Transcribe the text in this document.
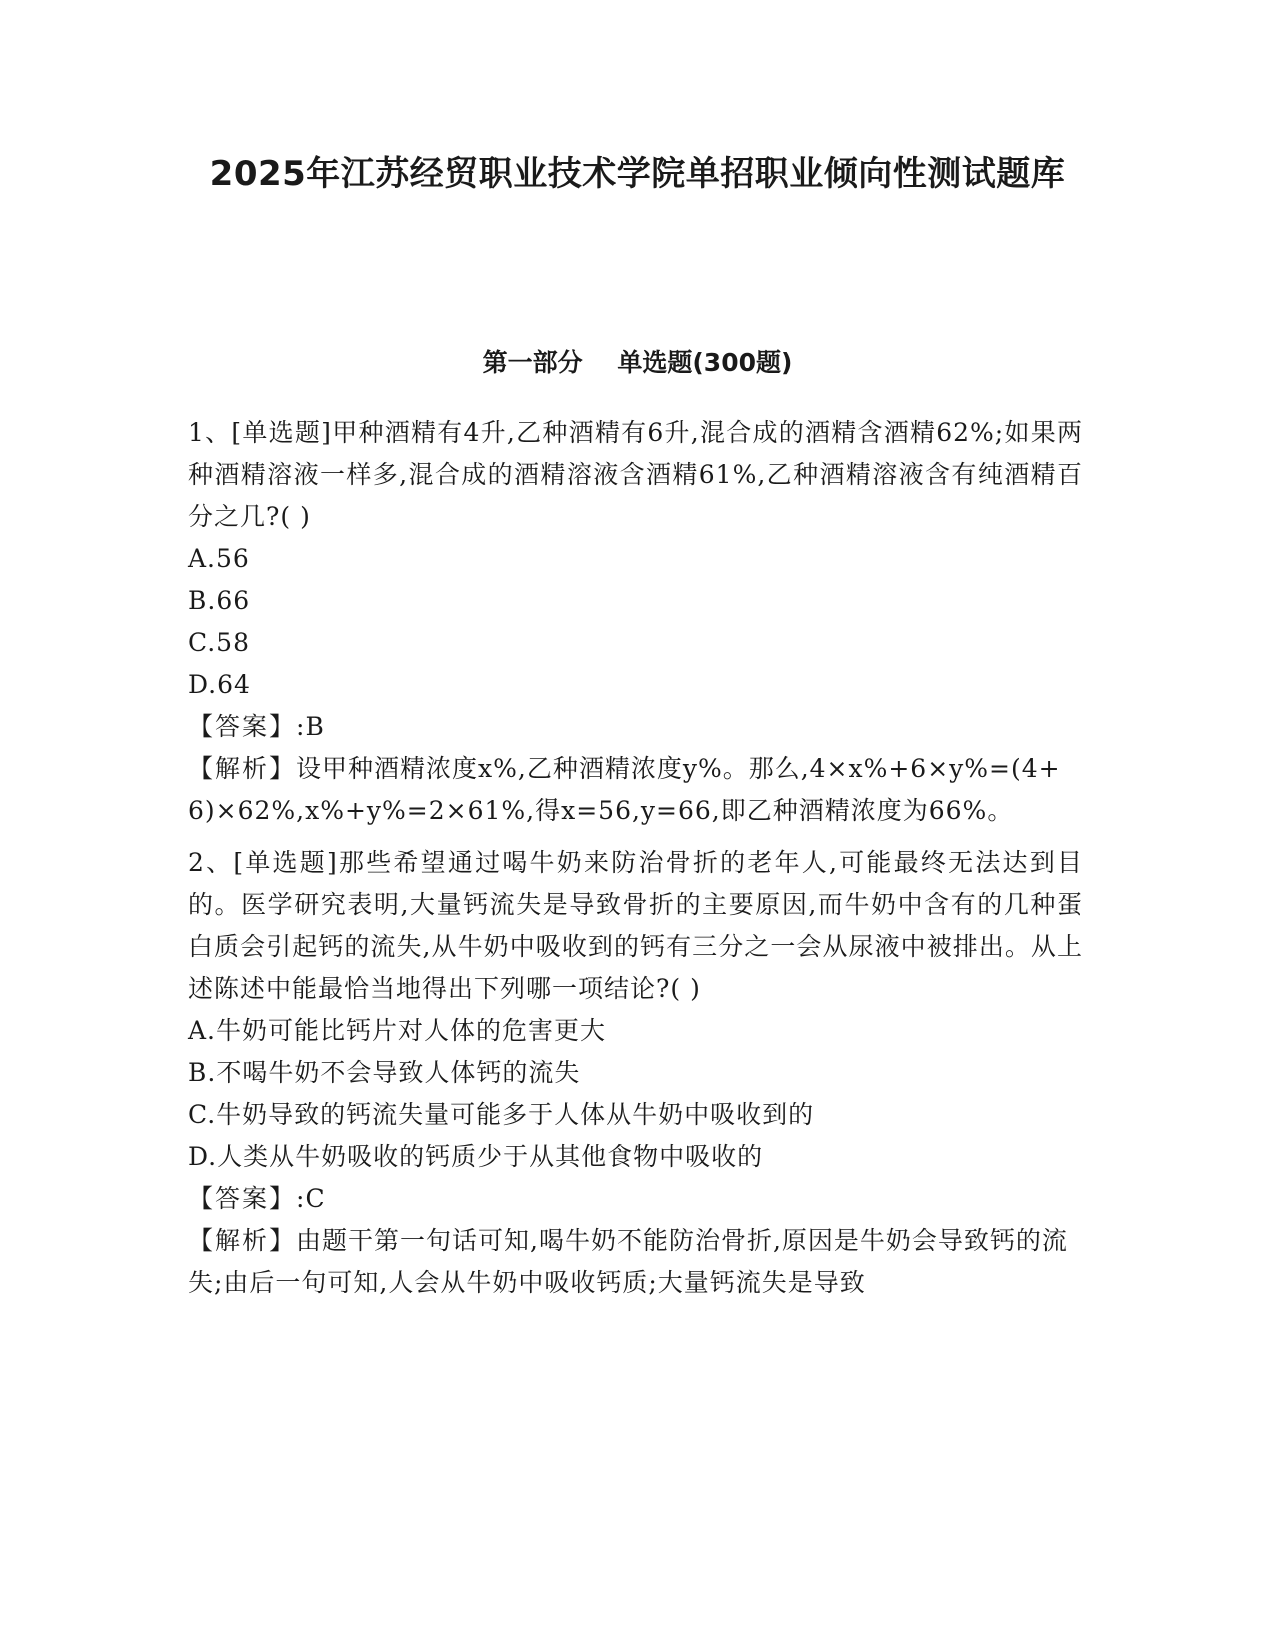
2025年江苏经贸职业技术学院单招职业倾向性测试题库
第一部分    单选题(300题)

1、[单选题]甲种酒精有4升,乙种酒精有6升,混合成的酒精含酒精62%;如果两种酒精溶液一样多,混合成的酒精溶液含酒精61%,乙种酒精溶液含有纯酒精百分之几?( )

A.56

B.66

C.58

D.64

【答案】:B

【解析】设甲种酒精浓度x%,乙种酒精浓度y%。那么,4×x%+6×y%=(4+6)×62%,x%+y%=2×61%,得x=56,y=66,即乙种酒精浓度为66%。

2、[单选题]那些希望通过喝牛奶来防治骨折的老年人,可能最终无法达到目的。医学研究表明,大量钙流失是导致骨折的主要原因,而牛奶中含有的几种蛋白质会引起钙的流失,从牛奶中吸收到的钙有三分之一会从尿液中被排出。从上述陈述中能最恰当地得出下列哪一项结论?( )

A.牛奶可能比钙片对人体的危害更大

B.不喝牛奶不会导致人体钙的流失

C.牛奶导致的钙流失量可能多于人体从牛奶中吸收到的

D.人类从牛奶吸收的钙质少于从其他食物中吸收的

【答案】:C

【解析】由题干第一句话可知,喝牛奶不能防治骨折,原因是牛奶会导致钙的流失;由后一句可知,人会从牛奶中吸收钙质;大量钙流失是导致
